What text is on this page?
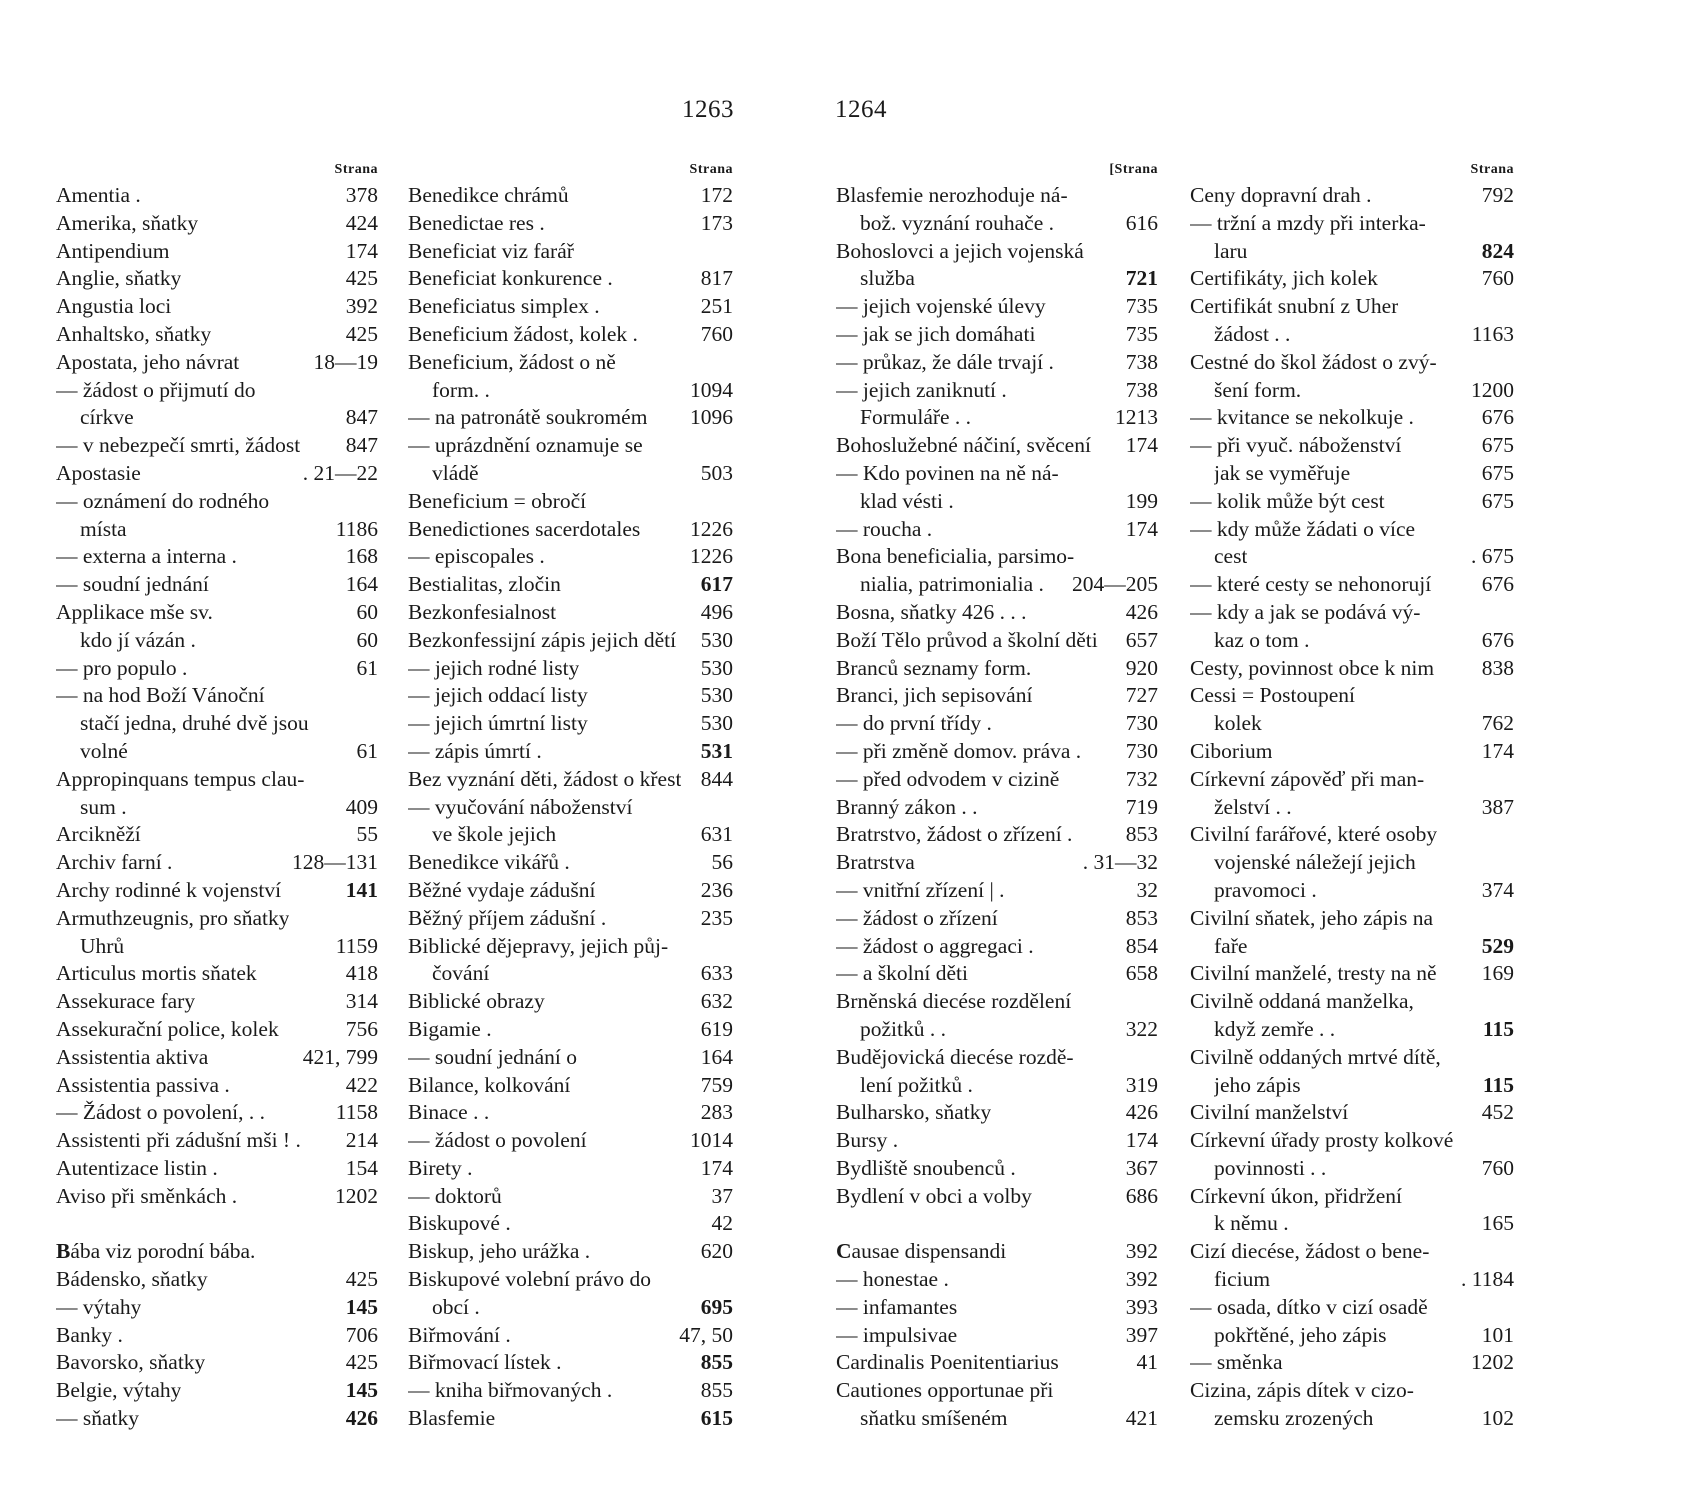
1263	1264
Strana
Amentia .	378
Amerika, sňatky	424
Antipendium	174
Anglie, sňatky	425
Angustia loci	392
Anhaltsko, sňatky	425
Apostata, jeho návrat	18—19
— žádost o přijmutí do
církve	847
— v nebezpečí smrti, žádost 847
Apostasie	. 21—22
— oznámení do rodného
místa	1186
— externa a interna .	168
— soudní jednání	164
Applikace mše sv.	60
kdo jí vázán .	60
— pro populo .	61
— na hod Boží Vánoční
stačí jedna, druhé dvě jsou
volné	61
Appropinquans tempus clau-
sum .	409
Arcikněží	55
Archiv farní .	128—131
Archy rodinné k vojenství	141
Armuthzeugnis, pro sňatky
Uhrů	1159
Articulus mortis sňatek	418
Assekurace fary	314
Assekurační police, kolek	756
Assistentia aktiva	421, 799
Assistentia passiva .	422
— Žádost o povolení, . .	1158
Assistenti při zádušní mši ! . 214
Autentizace listin .	154
Aviso při směnkách .	1202
Bába viz porodní bába.
Bádensko, sňatky	425
— výtahy	145
Banky .	706
Bavorsko, sňatky	425
Belgie, výtahy	145
— sňatky	426
Strana
Benedikce chrámů	172
Benedictae res .	173
Beneficiat viz farář
Beneficiat konkurence .	817
Beneficiatus simplex .	251
Beneficium žádost, kolek .	760
Beneficium, žádost o ně
form. .	1094
— na patronátě soukromém 1096
— uprázdnění oznamuje se
vládě	503
Beneficium = obročí
Benedictiones sacerdotales 1226
— episcopales .	1226
Bestialitas, zločin	617
Bezkonfesialnost	496
Bezkonfessijní zápis jejich dětí 530
— jejich rodné listy	530
— jejich oddací listy	530
— jejich úmrtní listy	530
— zápis úmrtí .	531
Bez vyznání děti, žádost o křest 844
— vyučování náboženství
ve škole jejich	631
Benedikce vikářů .	56
Běžné vydaje zádušní	236
Běžný příjem zádušní .	235
Biblické dějepravy, jejich půj-
čování	633
Biblické obrazy	632
Bigamie .	619
— soudní jednání o	164
Bilance, kolkování	759
Binace . .	283
— žádost o povolení	1014
Birety .	174
— doktorů	37
Biskupové .	42
Biskup, jeho urážka .	620
Biskupové volební právo do
obcí .	695
Biřmování .	47, 50
Biřmovací lístek .	855
— kniha biřmovaných .	855
Blasfemie	615
[Strana
Blasfemie nerozhoduje ná-
bož. vyznání rouhače .	616
Bohoslovci a jejich vojenská
služba	721
— jejich vojenské úlevy	735
— jak se jich domáhati	735
— průkaz, že dále trvají .	738
— jejich zaniknutí .	738
Formuláře . .	1213
Bohoslužebné náčiní, svěcení 174
— Kdo povinen na ně ná-
klad vésti .	199
— roucha .	174
Bona beneficialia, parsimo-
nialia, patrimonialia . 204—205
Bosna, sňatky 426 . . .	426
Boží Tělo průvod a školní děti 657
Branců seznamy form.	920
Branci, jich sepisování	727
— do první třídy .	730
— při změně domov. práva . 730
— před odvodem v cizině	732
Branný zákon . .	719
Bratrstvo, žádost o zřízení . 853
Bratrstva	. 31—32
— vnitřní zřízení | .	32
— žádost o zřízení	853
— žádost o aggregaci .	854
— a školní děti	658
Brněnská diecése rozdělení
požitků . .	322
Budějovická diecése rozdě-
lení požitků .	319
Bulharsko, sňatky	426
Bursy .	174
Bydliště snoubenců .	367
Bydlení v obci a volby	686
Causae dispensandi	392
— honestae .	392
— infamantes	393
— impulsivae	397
Cardinalis Poenitentiarius	41
Cautiones opportunae při
sňatku smíšeném	421
Strana
Ceny dopravní drah .	792
— tržní a mzdy při interka-
laru	824
Certifikáty, jich kolek	760
Certifikát snubní z Uher
žádost . .	1163
Cestné do škol žádost o zvý-
šení form.	1200
— kvitance se nekolkuje .	676
— při vyuč. náboženství	675
jak se vyměřuje	675
— kolik může být cest	675
— kdy může žádati o více
cest	. 675
— které cesty se nehonorují 676
— kdy a jak se podává vý-
kaz o tom .	676
Cesty, povinnost obce k nim 838
Cessi = Postoupení
kolek	762
Ciborium	174
Církevní zápověď při man-
želství . .	387
Civilní farářové, které osoby
vojenské náležejí jejich
pravomoci .	374
Civilní sňatek, jeho zápis na
faře	529
Civilní manželé, tresty na ně 169
Civilně oddaná manželka,
když zemře . .	115
Civilně oddaných mrtvé dítě,
jeho zápis	115
Civilní manželství	452
Církevní úřady prosty kolkové
povinnosti . .	760
Církevní úkon, přidržení
k němu .	165
Cizí diecése, žádost o bene-
ficium	. 1184
— osada, dítko v cizí osadě
pokřtěné, jeho zápis	101
— směnka	1202
Cizina, zápis dítek v cizo-
zemsku zrozených	102
